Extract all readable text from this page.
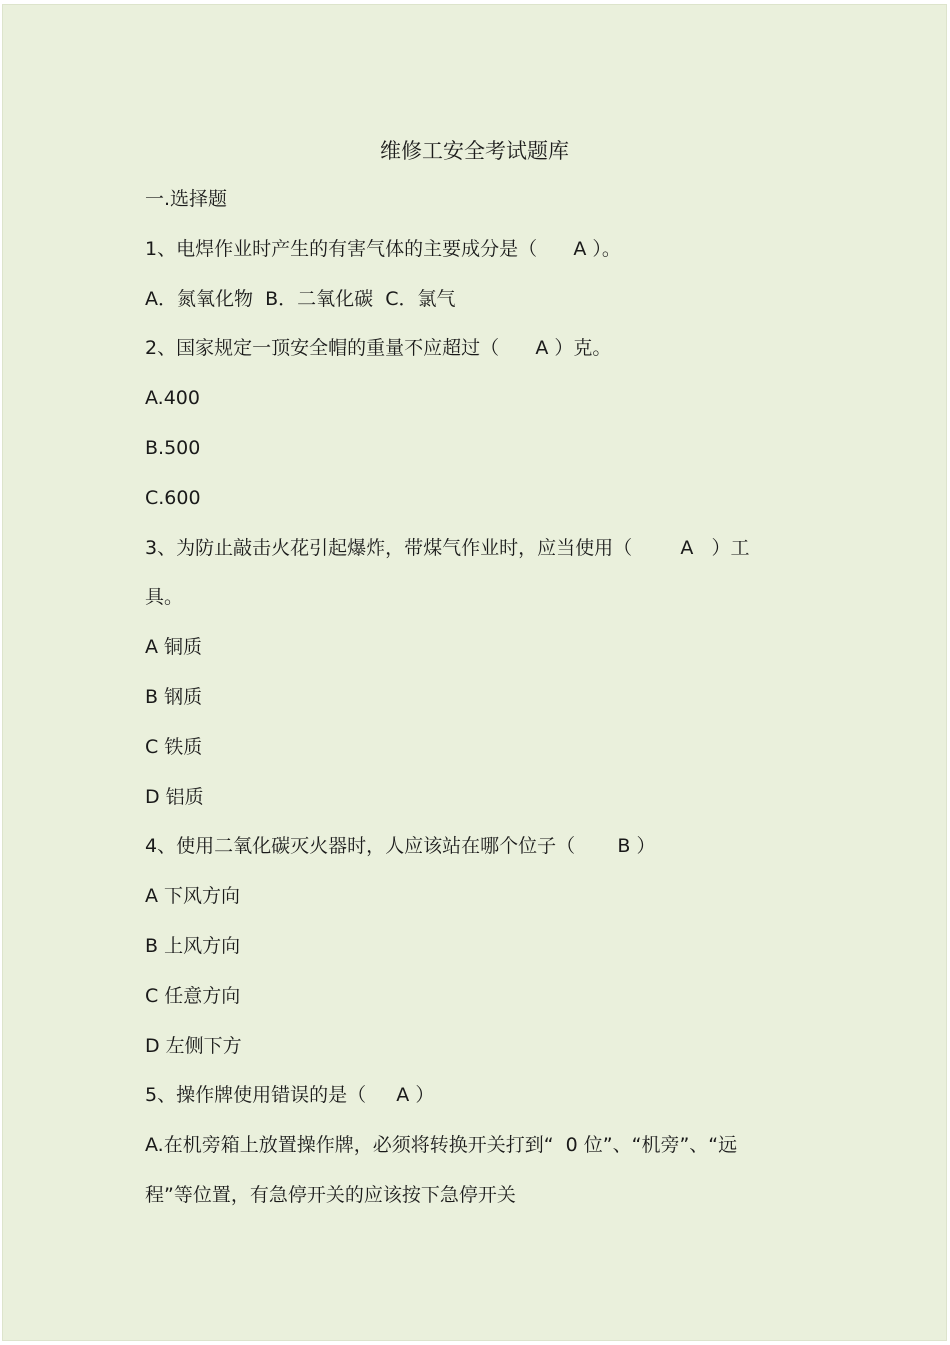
维修工安全考试题库
一.选择题
1、电焊作业时产生的有害气体的主要成分是（      A ）。
A．氮氧化物  B．二氧化碳  C．氯气
2、国家规定一顶安全帽的重量不应超过（      A ）克。
A.400
B.500
C.600
3、为防止敲击火花引起爆炸，带煤气作业时，应当使用（        A   ）工
具。
A 铜质
B 钢质
C 铁质
D 铝质
4、使用二氧化碳灭火器时，人应该站在哪个位子（       B ）
A 下风方向
B 上风方向
C 任意方向
D 左侧下方
5、操作牌使用错误的是（     A ）
A.在机旁箱上放置操作牌，必须将转换开关打到“  0 位”、“机旁”、“远
程”等位置，有急停开关的应该按下急停开关
